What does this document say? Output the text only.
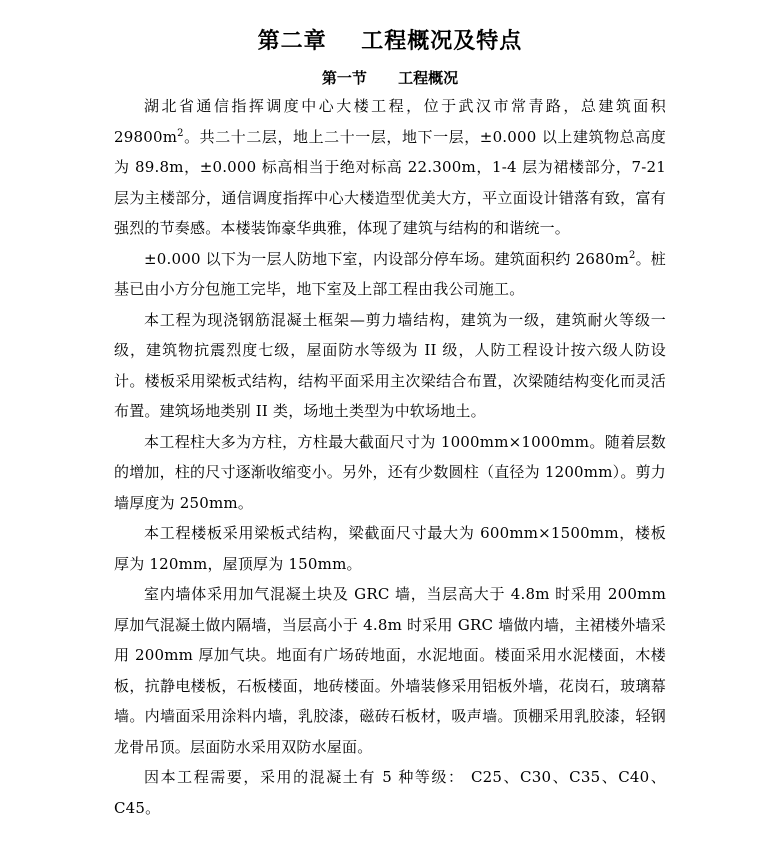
第二章    工程概况及特点
第一节      工程概况

湖北省通信指挥调度中心大楼工程，位于武汉市常青路，总建筑面积 $29800m^2$。共二十二层，地上二十一层，地下一层，±0.000 以上建筑物总高度为 89.8m，±0.000 标高相当于绝对标高 22.300m，1-4 层为裙楼部分，7-21 层为主楼部分，通信调度指挥中心大楼造型优美大方，平立面设计错落有致，富有强烈的节奏感。本楼装饰豪华典雅，体现了建筑与结构的和谐统一。

±0.000 以下为一层人防地下室，内设部分停车场。建筑面积约 $2680m^2$。桩基已由小方分包施工完毕，地下室及上部工程由我公司施工。

本工程为现浇钢筋混凝土框架—剪力墙结构，建筑为一级，建筑耐火等级一级，建筑物抗震烈度七级，屋面防水等级为 II 级，人防工程设计按六级人防设计。楼板采用梁板式结构，结构平面采用主次梁结合布置，次梁随结构变化而灵活布置。建筑场地类别 II 类，场地土类型为中软场地土。

本工程柱大多为方柱，方柱最大截面尺寸为 1000mm×1000mm。随着层数的增加，柱的尺寸逐渐收缩变小。另外，还有少数圆柱（直径为 1200mm）。剪力墙厚度为 250mm。

本工程楼板采用梁板式结构，梁截面尺寸最大为 600mm×1500mm，楼板厚为 120mm，屋顶厚为 150mm。

室内墙体采用加气混凝土块及 GRC 墙，当层高大于 4.8m 时采用 200mm 厚加气混凝土做内隔墙，当层高小于 4.8m 时采用 GRC 墙做内墙，主裙楼外墙采用 200mm 厚加气块。地面有广场砖地面，水泥地面。楼面采用水泥楼面，木楼板，抗静电楼板，石板楼面，地砖楼面。外墙装修采用铝板外墙，花岗石，玻璃幕墙。内墙面采用涂料内墙，乳胶漆，磁砖石板材，吸声墙。顶棚采用乳胶漆，轻钢龙骨吊顶。层面防水采用双防水屋面。

因本工程需要，采用的混凝土有 5 种等级： C25、C30、C35、C40、C45。
